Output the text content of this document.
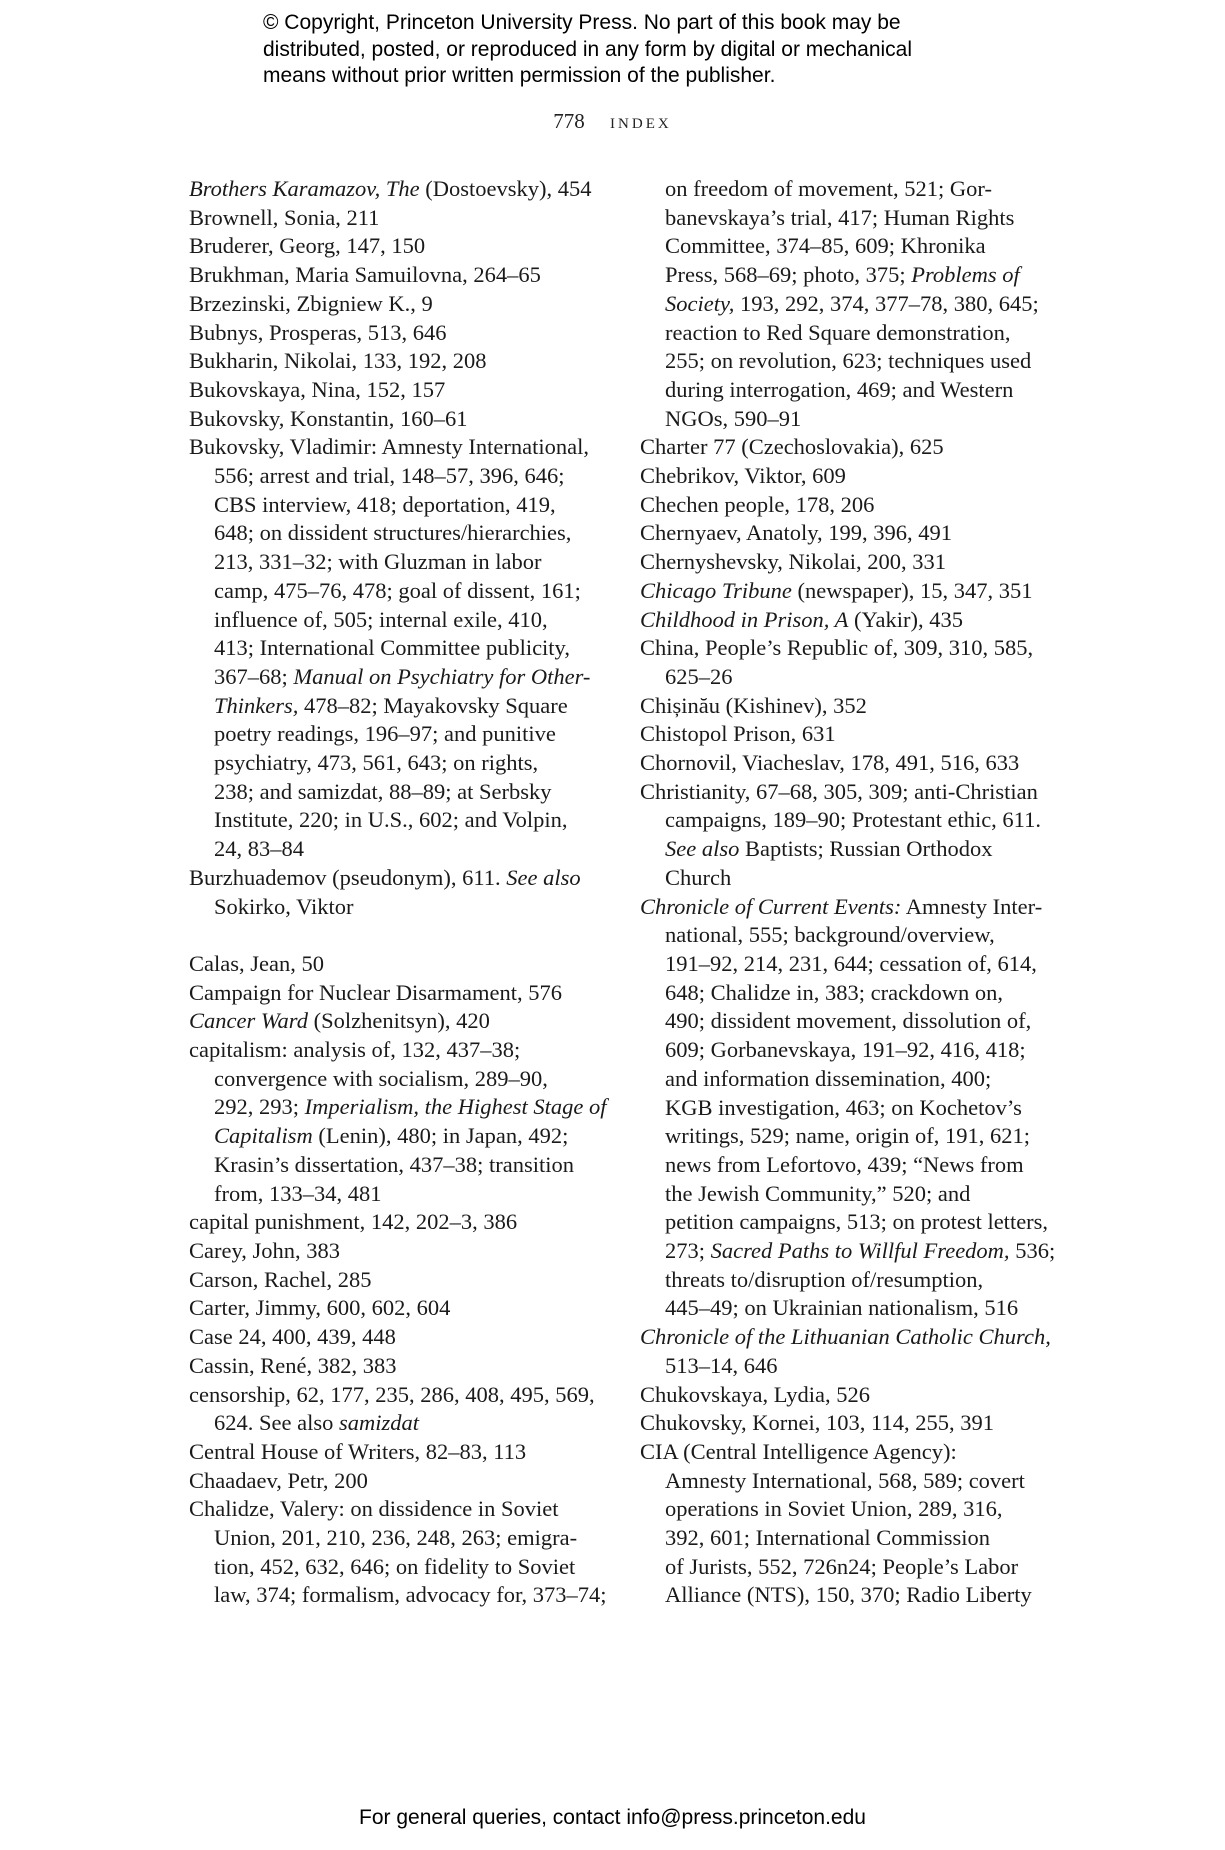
© Copyright, Princeton University Press. No part of this book may be
distributed, posted, or reproduced in any form by digital or mechanical
means without prior written permission of the publisher.
778 index
Brothers Karamazov, The (Dostoevsky), 454
Brownell, Sonia, 211
Bruderer, Georg, 147, 150
Brukhman, Maria Samuilovna, 264–65
Brzezinski, Zbigniew K., 9
Bubnys, Prosperas, 513, 646
Bukharin, Nikolai, 133, 192, 208
Bukovskaya, Nina, 152, 157
Bukovsky, Konstantin, 160–61
Bukovsky, Vladimir: Amnesty International,
556; arrest and trial, 148–57, 396, 646;
CBS interview, 418; deportation, 419,
648; on dissident structures/hierarchies,
213, 331–32; with Gluzman in labor
camp, 475–76, 478; goal of dissent, 161;
influence of, 505; internal exile, 410,
413; International Committee publicity,
367–68; Manual on Psychiatry for Other-
Thinkers, 478–82; Mayakovsky Square
poetry readings, 196–97; and punitive
psychiatry, 473, 561, 643; on rights,
238; and samizdat, 88–89; at Serbsky
Institute, 220; in U.S., 602; and Volpin,
24, 83–84
Burzhuademov (pseudonym), 611. See also
Sokirko, Viktor
Calas, Jean, 50
Campaign for Nuclear Disarmament, 576
Cancer Ward (Solzhenitsyn), 420
capitalism: analysis of, 132, 437–38;
convergence with socialism, 289–90,
292, 293; Imperialism, the Highest Stage of
Capitalism (Lenin), 480; in Japan, 492;
Krasin’s dissertation, 437–38; transition
from, 133–34, 481
capital punishment, 142, 202–3, 386
Carey, John, 383
Carson, Rachel, 285
Carter, Jimmy, 600, 602, 604
Case 24, 400, 439, 448
Cassin, René, 382, 383
censorship, 62, 177, 235, 286, 408, 495, 569,
624. See also samizdat
Central House of Writers, 82–83, 113
Chaadaev, Petr, 200
Chalidze, Valery: on dissidence in Soviet
Union, 201, 210, 236, 248, 263; emigra-
tion, 452, 632, 646; on fidelity to Soviet
law, 374; formalism, advocacy for, 373–74;
on freedom of movement, 521; Gor-
banevskaya’s trial, 417; Human Rights
Committee, 374–85, 609; Khronika
Press, 568–69; photo, 375; Problems of
Society, 193, 292, 374, 377–78, 380, 645;
reaction to Red Square demonstration,
255; on revolution, 623; techniques used
during interrogation, 469; and Western
NGOs, 590–91
Charter 77 (Czechoslovakia), 625
Chebrikov, Viktor, 609
Chechen people, 178, 206
Chernyaev, Anatoly, 199, 396, 491
Chernyshevsky, Nikolai, 200, 331
Chicago Tribune (newspaper), 15, 347, 351
Childhood in Prison, A (Yakir), 435
China, People’s Republic of, 309, 310, 585,
625–26
Chișinău (Kishinev), 352
Chistopol Prison, 631
Chornovil, Viacheslav, 178, 491, 516, 633
Christianity, 67–68, 305, 309; anti-Christian
campaigns, 189–90; Protestant ethic, 611.
See also Baptists; Russian Orthodox
Church
Chronicle of Current Events: Amnesty Inter-
national, 555; background/overview,
191–92, 214, 231, 644; cessation of, 614,
648; Chalidze in, 383; crackdown on,
490; dissident movement, dissolution of,
609; Gorbanevskaya, 191–92, 416, 418;
and information dissemination, 400;
KGB investigation, 463; on Kochetov’s
writings, 529; name, origin of, 191, 621;
news from Lefortovo, 439; “News from
the Jewish Community,” 520; and
petition campaigns, 513; on protest letters,
273; Sacred Paths to Willful Freedom, 536;
threats to/disruption of/resumption,
445–49; on Ukrainian nationalism, 516
Chronicle of the Lithuanian Catholic Church,
513–14, 646
Chukovskaya, Lydia, 526
Chukovsky, Kornei, 103, 114, 255, 391
CIA (Central Intelligence Agency):
Amnesty International, 568, 589; covert
operations in Soviet Union, 289, 316,
392, 601; International Commission
of Jurists, 552, 726n24; People’s Labor
Alliance (NTS), 150, 370; Radio Liberty
For general queries, contact info@press.princeton.edu
